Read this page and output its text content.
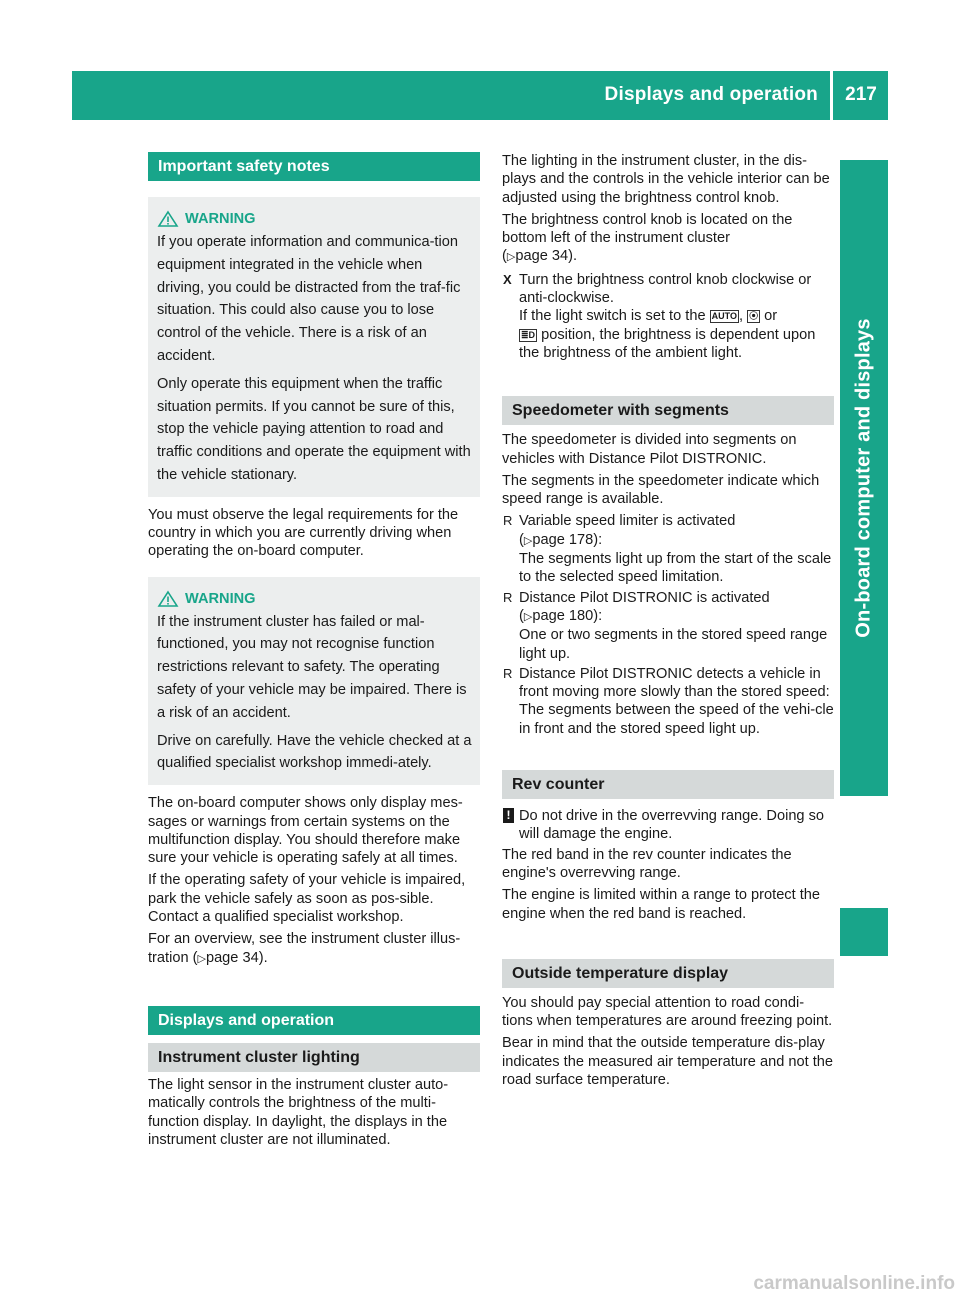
Displays and operation	217
On-board computer and displays
Important safety notes
WARNING

If you operate information and communica-tion equipment integrated in the vehicle when driving, you could be distracted from the traf-fic situation. This could also cause you to lose control of the vehicle. There is a risk of an accident.

Only operate this equipment when the traffic situation permits. If you cannot be sure of this, stop the vehicle paying attention to road and traffic conditions and operate the equipment with the vehicle stationary.

You must observe the legal requirements for the country in which you are currently driving when operating the on-board computer.

WARNING

If the instrument cluster has failed or mal-functioned, you may not recognise function restrictions relevant to safety. The operating safety of your vehicle may be impaired. There is a risk of an accident.

Drive on carefully. Have the vehicle checked at a qualified specialist workshop immedi-ately.

The on-board computer shows only display mes-sages or warnings from certain systems on the multifunction display. You should therefore make sure your vehicle is operating safely at all times.

If the operating safety of your vehicle is impaired, park the vehicle safely as soon as pos-sible. Contact a qualified specialist workshop.

For an overview, see the instrument cluster illus-tration (▷page 34).

Displays and operation
Instrument cluster lighting

The light sensor in the instrument cluster auto-matically controls the brightness of the multi-function display. In daylight, the displays in the instrument cluster are not illuminated.

The lighting in the instrument cluster, in the dis-plays and the controls in the vehicle interior can be adjusted using the brightness control knob.

The brightness control knob is located on the bottom left of the instrument cluster
(▷page 34).

X Turn the brightness control knob clockwise or anti-clockwise.

If the light switch is set to the AUTO , ⦿ or
≣D position, the brightness is dependent upon the brightness of the ambient light.

Speedometer with segments

The speedometer is divided into segments on vehicles with Distance Pilot DISTRONIC.

The segments in the speedometer indicate which speed range is available.

R Variable speed limiter is activated

(▷page 178):

The segments light up from the start of the scale to the selected speed limitation.

R Distance Pilot DISTRONIC is activated

(▷page 180):

One or two segments in the stored speed range light up.

R Distance Pilot DISTRONIC detects a vehicle in front moving more slowly than the stored speed:

The segments between the speed of the vehi-cle in front and the stored speed light up.

Rev counter
! Do not drive in the overrevving range. Doing so will damage the engine.

The red band in the rev counter indicates the engine's overrevving range.

The engine is limited within a range to protect the engine when the red band is reached.

Outside temperature display

You should pay special attention to road condi-tions when temperatures are around freezing point.

Bear in mind that the outside temperature dis-play indicates the measured air temperature and not the road surface temperature.

carmanualsonline.info
